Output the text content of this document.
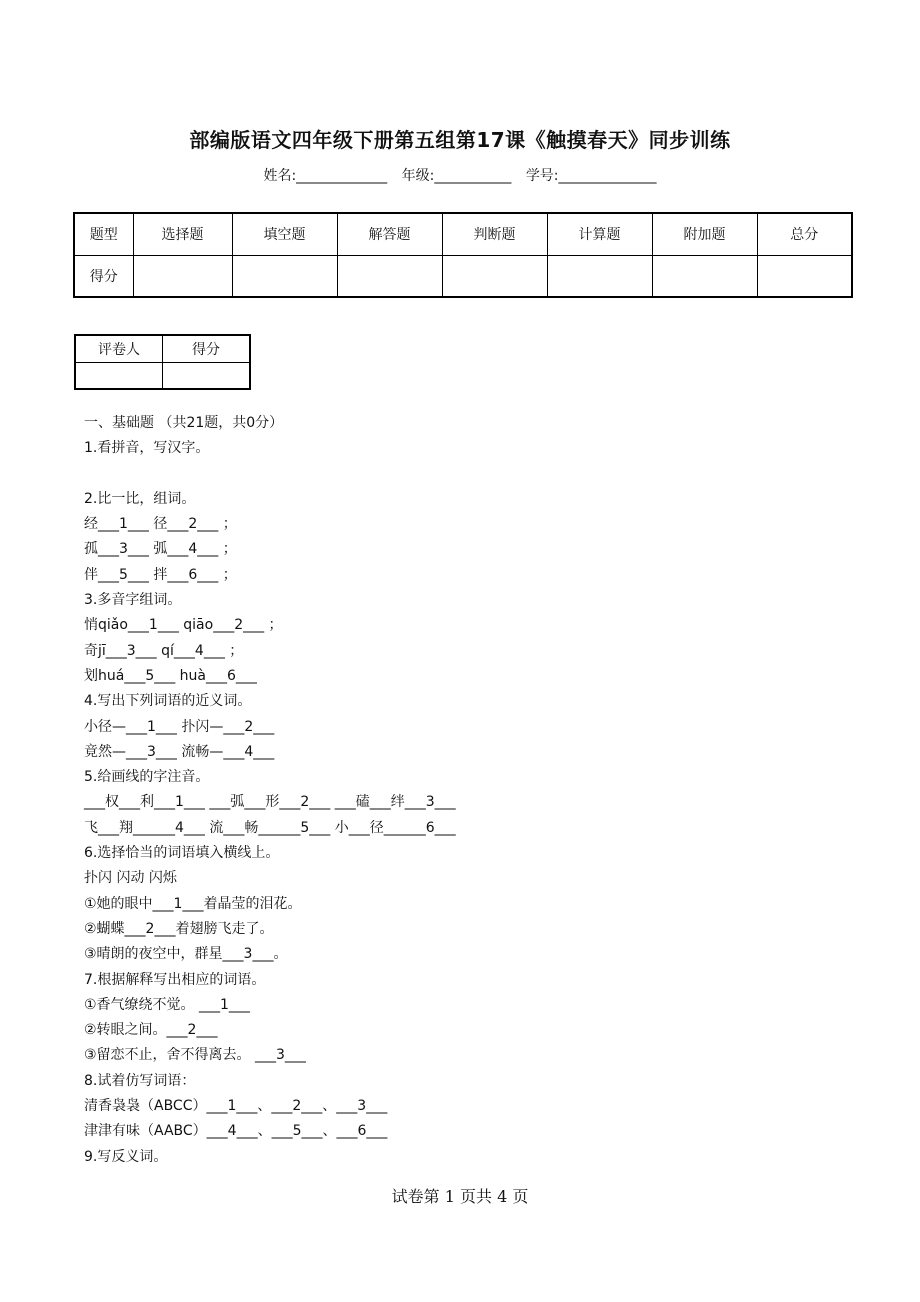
部编版语文四年级下册第五组第17课《触摸春天》同步训练
姓名:_____________ 年级:___________ 学号:______________
题型	选择题	填空题	解答题	判断题	计算题	附加题	总分
得分							
评卷人	得分

一、基础题 （共21题，共0分）
1.看拼音，写汉字。
2.比一比，组词。
经___1___ 径___2___ ；
孤___3___ 弧___4___ ；
伴___5___ 拌___6___ ；
3.多音字组词。
悄qiǎo___1___ qiāo___2___ ；
奇jī___3___ qí___4___ ；
划huá___5___ huà___6___
4.写出下列词语的近义词。
小径—___1___ 扑闪—___2___
竟然—___3___ 流畅—___4___
5.给画线的字注音。
___权___利___1___ ___弧___形___2___ ___磕___绊___3___
飞___翔______4___ 流___畅______5___ 小___径______6___
6.选择恰当的词语填入横线上。
扑闪 闪动 闪烁
①她的眼中___1___着晶莹的泪花。
②蝴蝶___2___着翅膀飞走了。
③晴朗的夜空中，群星___3___。
7.根据解释写出相应的词语。
①香气缭绕不觉。 ___1___
②转眼之间。___2___
③留恋不止，舍不得离去。 ___3___
8.试着仿写词语：
清香袅袅（ABCC）___1___、___2___、___3___
津津有味（AABC）___4___、___5___、___6___
9.写反义词。
试卷第 1 页共 4 页
